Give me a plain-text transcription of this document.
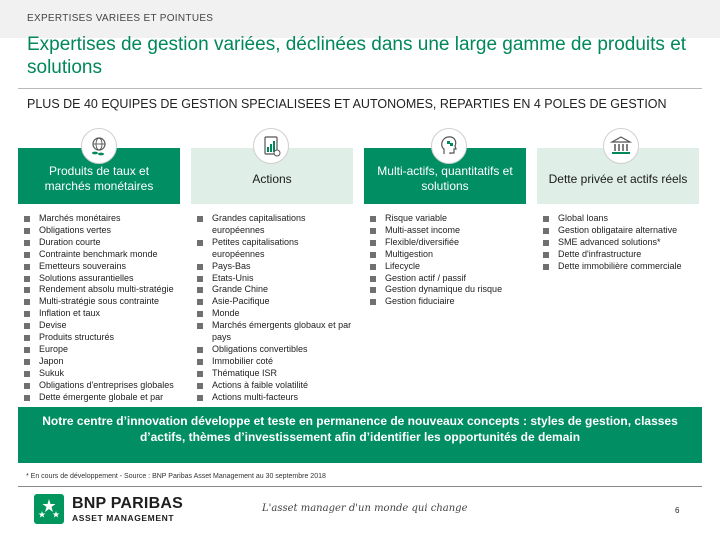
EXPERTISES VARIEES ET POINTUES
Expertises de gestion variées, déclinées dans une large gamme de produits et solutions
PLUS DE 40 EQUIPES DE GESTION SPECIALISEES ET AUTONOMES, REPARTIES EN 4 POLES DE GESTION
Produits de taux et marchés monétaires
Marchés monétaires
Obligations vertes
Duration courte
Contrainte benchmark monde
Emetteurs souverains
Solutions assurantielles
Rendement absolu multi-stratégie
Multi-stratégie sous contrainte
Inflation et taux
Devise
Produits structurés
Europe
Japon
Sukuk
Obligations d'entreprises globales
Dette émergente globale et par
Actions
Grandes capitalisations européennes
Petites capitalisations européennes
Pays-Bas
Etats-Unis
Grande Chine
Asie-Pacifique
Monde
Marchés émergents globaux et par pays
Obligations convertibles
Immobilier coté
Thématique ISR
Actions à faible volatilité
Actions multi-facteurs
Multi-actifs, quantitatifs et solutions
Risque variable
Multi-asset income
Flexible/diversifiée
Multigestion
Lifecycle
Gestion actif / passif
Gestion dynamique du risque
Gestion fiduciaire
Dette privée et actifs réels
Global loans
Gestion obligataire alternative
SME advanced solutions*
Dette d'infrastructure
Dette immobilière commerciale
Notre centre d’innovation développe et teste en permanence de nouveaux concepts : styles de gestion, classes d’actifs, thèmes d’investissement afin d’identifier les opportunités de demain
* En cours de développement - Source : BNP Paribas Asset Management au 30 septembre 2018
BNP PARIBAS
ASSET MANAGEMENT
L'asset manager d'un monde qui change	6
